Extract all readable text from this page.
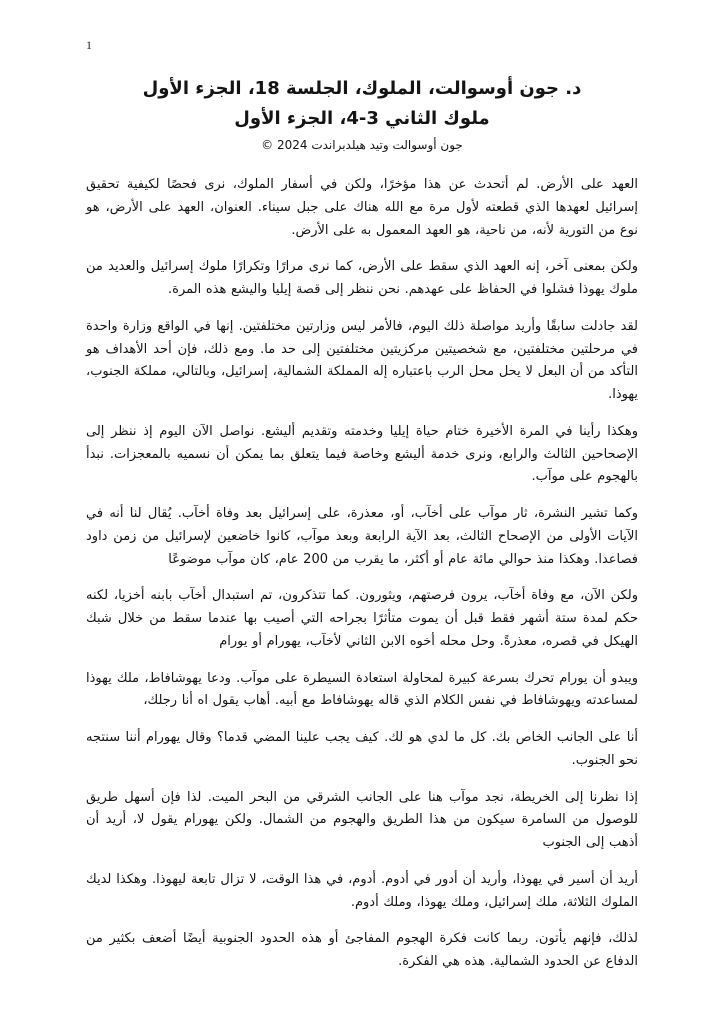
1
د. جون أوسوالت، الملوك، الجلسة 18، الجزء الأول
ملوك الثاني 3-4، الجزء الأول
جون أوسوالت وتيد هيلدبراندت 2024 ©

العهد على الأرض. لم أتحدث عن هذا مؤخرًا، ولكن في أسفار الملوك، نرى فحصًا لكيفية تحقيق إسرائيل لعهدها الذي قطعته لأول مرة مع الله هناك على جبل سيناء. العنوان، العهد على الأرض، هو نوع من التورية لأنه، من ناحية، هو العهد المعمول به على الأرض.

ولكن بمعنى آخر، إنه العهد الذي سقط على الأرض، كما نرى مرارًا وتكرارًا ملوك إسرائيل والعديد من ملوك يهوذا فشلوا في الحفاظ على عهدهم. نحن ننظر إلى قصة إيليا واليشع هذه المرة.

لقد جادلت سابقًا وأريد مواصلة ذلك اليوم، فالأمر ليس وزارتين مختلفتين. إنها في الواقع وزارة واحدة في مرحلتين مختلفتين، مع شخصيتين مركزيتين مختلفتين إلى حد ما. ومع ذلك، فإن أحد الأهداف هو التأكد من أن البعل لا يحل محل الرب باعتباره إله المملكة الشمالية، إسرائيل، وبالتالي، مملكة الجنوب، يهوذا.

وهكذا رأينا في المرة الأخيرة ختام حياة إيليا وخدمته وتقديم أليشع. نواصل الآن اليوم إذ ننظر إلى الإصحاحين الثالث والرابع، ونرى خدمة أليشع وخاصة فيما يتعلق بما يمكن أن نسميه بالمعجزات. نبدأ بالهجوم على موآب.

وكما تشير النشرة، ثار موآب على أخآب، أو، معذرة، على إسرائيل بعد وفاة أخآب. يُقال لنا أنه في الآيات الأولى من الإصحاح الثالث، بعد الآية الرابعة وبعد موآب، كانوا خاضعين لإسرائيل من زمن داود فصاعدا. وهكذا منذ حوالي مائة عام أو أكثر، ما يقرب من 200 عام، كان موآب موضوعًا

ولكن الآن، مع وفاة أخآب، يرون فرصتهم، ويثورون. كما تتذكرون، تم استبدال أخآب بابنه أخزيا، لكنه حكم لمدة ستة أشهر فقط قبل أن يموت متأثرًا بجراحه التي أصيب بها عندما سقط من خلال شبك الهيكل في قصره، معذرةً. وحل محله أخوه الابن الثاني لأخآب، يهورام أو يورام

ويبدو أن يورام تحرك بسرعة كبيرة لمحاولة استعادة السيطرة على موآب. ودعا يهوشافاط، ملك يهوذا لمساعدته ويهوشافاط في نفس الكلام الذي قاله يهوشافاط مع أبيه. أهاب يقول اه أنا رجلك،

أنا على الجانب الخاص بك. كل ما لدي هو لك. كيف يجب علينا المضي قدما؟ وقال يهورام أننا سنتجه نحو الجنوب.

إذا نظرنا إلى الخريطة، نجد موآب هنا على الجانب الشرقي من البحر الميت. لذا فإن أسهل طريق للوصول من السامرة سيكون من هذا الطريق والهجوم من الشمال. ولكن يهورام يقول لا، أريد أن أذهب إلى الجنوب

أريد أن أسير في يهوذا، وأريد أن أدور في أدوم. أدوم، في هذا الوقت، لا تزال تابعة ليهوذا. وهكذا لديك الملوك الثلاثة، ملك إسرائيل، وملك يهوذا، وملك أدوم.

لذلك، فإنهم يأتون. ربما كانت فكرة الهجوم المفاجئ أو هذه الحدود الجنوبية أيضًا أضعف بكثير من الدفاع عن الحدود الشمالية. هذه هي الفكرة.
